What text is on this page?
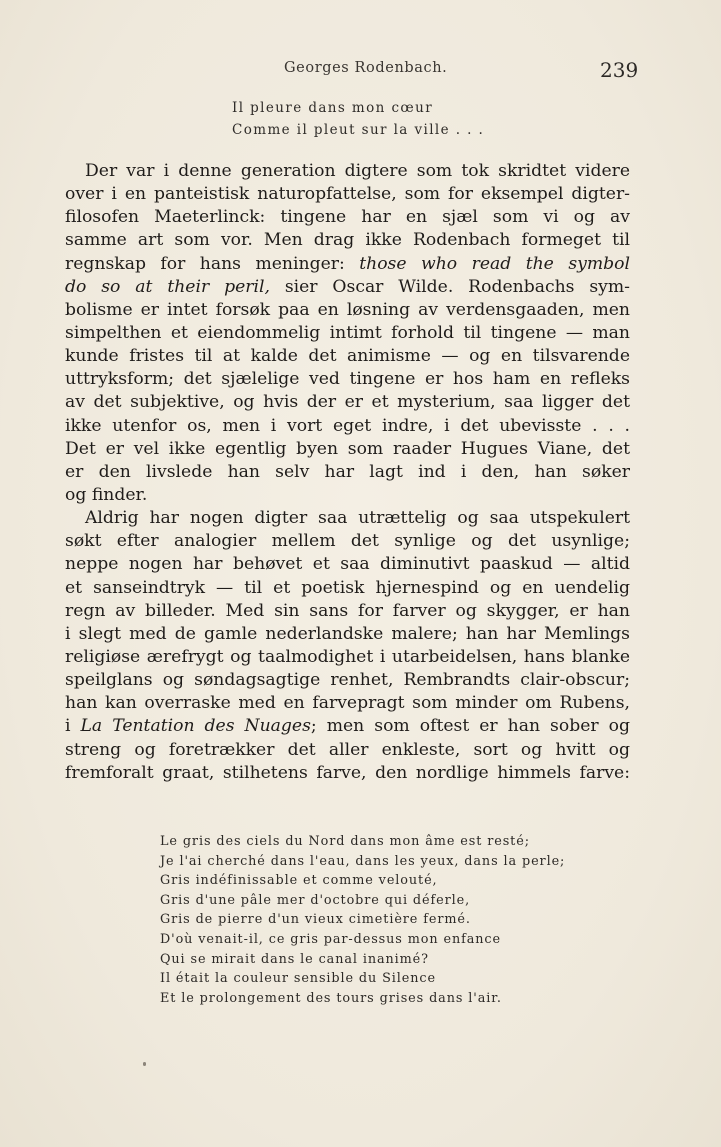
Georges Rodenbach.	239
Il pleure dans mon cœur
Comme il pleut sur la ville . . .
Der var i denne generation digtere som tok skridtet videre
over i en panteistisk naturopfattelse, som for eksempel digter-
filosofen Maeterlinck: tingene har en sjæl som vi og av
samme art som vor. Men drag ikke Rodenbach formeget til
regnskap for hans meninger: those who read the symbol
do so at their peril, sier Oscar Wilde. Rodenbachs sym-
bolisme er intet forsøk paa en løsning av verdensgaaden, men
simpelthen et eiendommelig intimt forhold til tingene — man
kunde fristes til at kalde det animisme — og en tilsvarende
uttryksform; det sjælelige ved tingene er hos ham en refleks
av det subjektive, og hvis der er et mysterium, saa ligger det
ikke utenfor os, men i vort eget indre, i det ubevisste . . .
Det er vel ikke egentlig byen som raader Hugues Viane, det
er den livslede han selv har lagt ind i den, han søker
og finder.
Aldrig har nogen digter saa utrættelig og saa utspekulert
søkt efter analogier mellem det synlige og det usynlige;
neppe nogen har behøvet et saa diminutivt paaskud — altid
et sanseindtryk — til et poetisk hjernespind og en uendelig
regn av billeder. Med sin sans for farver og skygger, er han
i slegt med de gamle nederlandske malere; han har Memlings
religiøse ærefrygt og taalmodighet i utarbeidelsen, hans blanke
speilglans og søndagsagtige renhet, Rembrandts clair-obscur;
han kan overraske med en farvepragt som minder om Rubens,
i La Tentation des Nuages; men som oftest er han sober og
streng og foretrækker det aller enkleste, sort og hvitt og
fremforalt graat, stilhetens farve, den nordlige himmels farve:
Le gris des ciels du Nord dans mon âme est resté;
Je l'ai cherché dans l'eau, dans les yeux, dans la perle;
Gris indéfinissable et comme velouté,
Gris d'une pâle mer d'octobre qui déferle,
Gris de pierre d'un vieux cimetière fermé.
D'où venait-il, ce gris par-dessus mon enfance
Qui se mirait dans le canal inanimé?
Il était la couleur sensible du Silence
Et le prolongement des tours grises dans l'air.
